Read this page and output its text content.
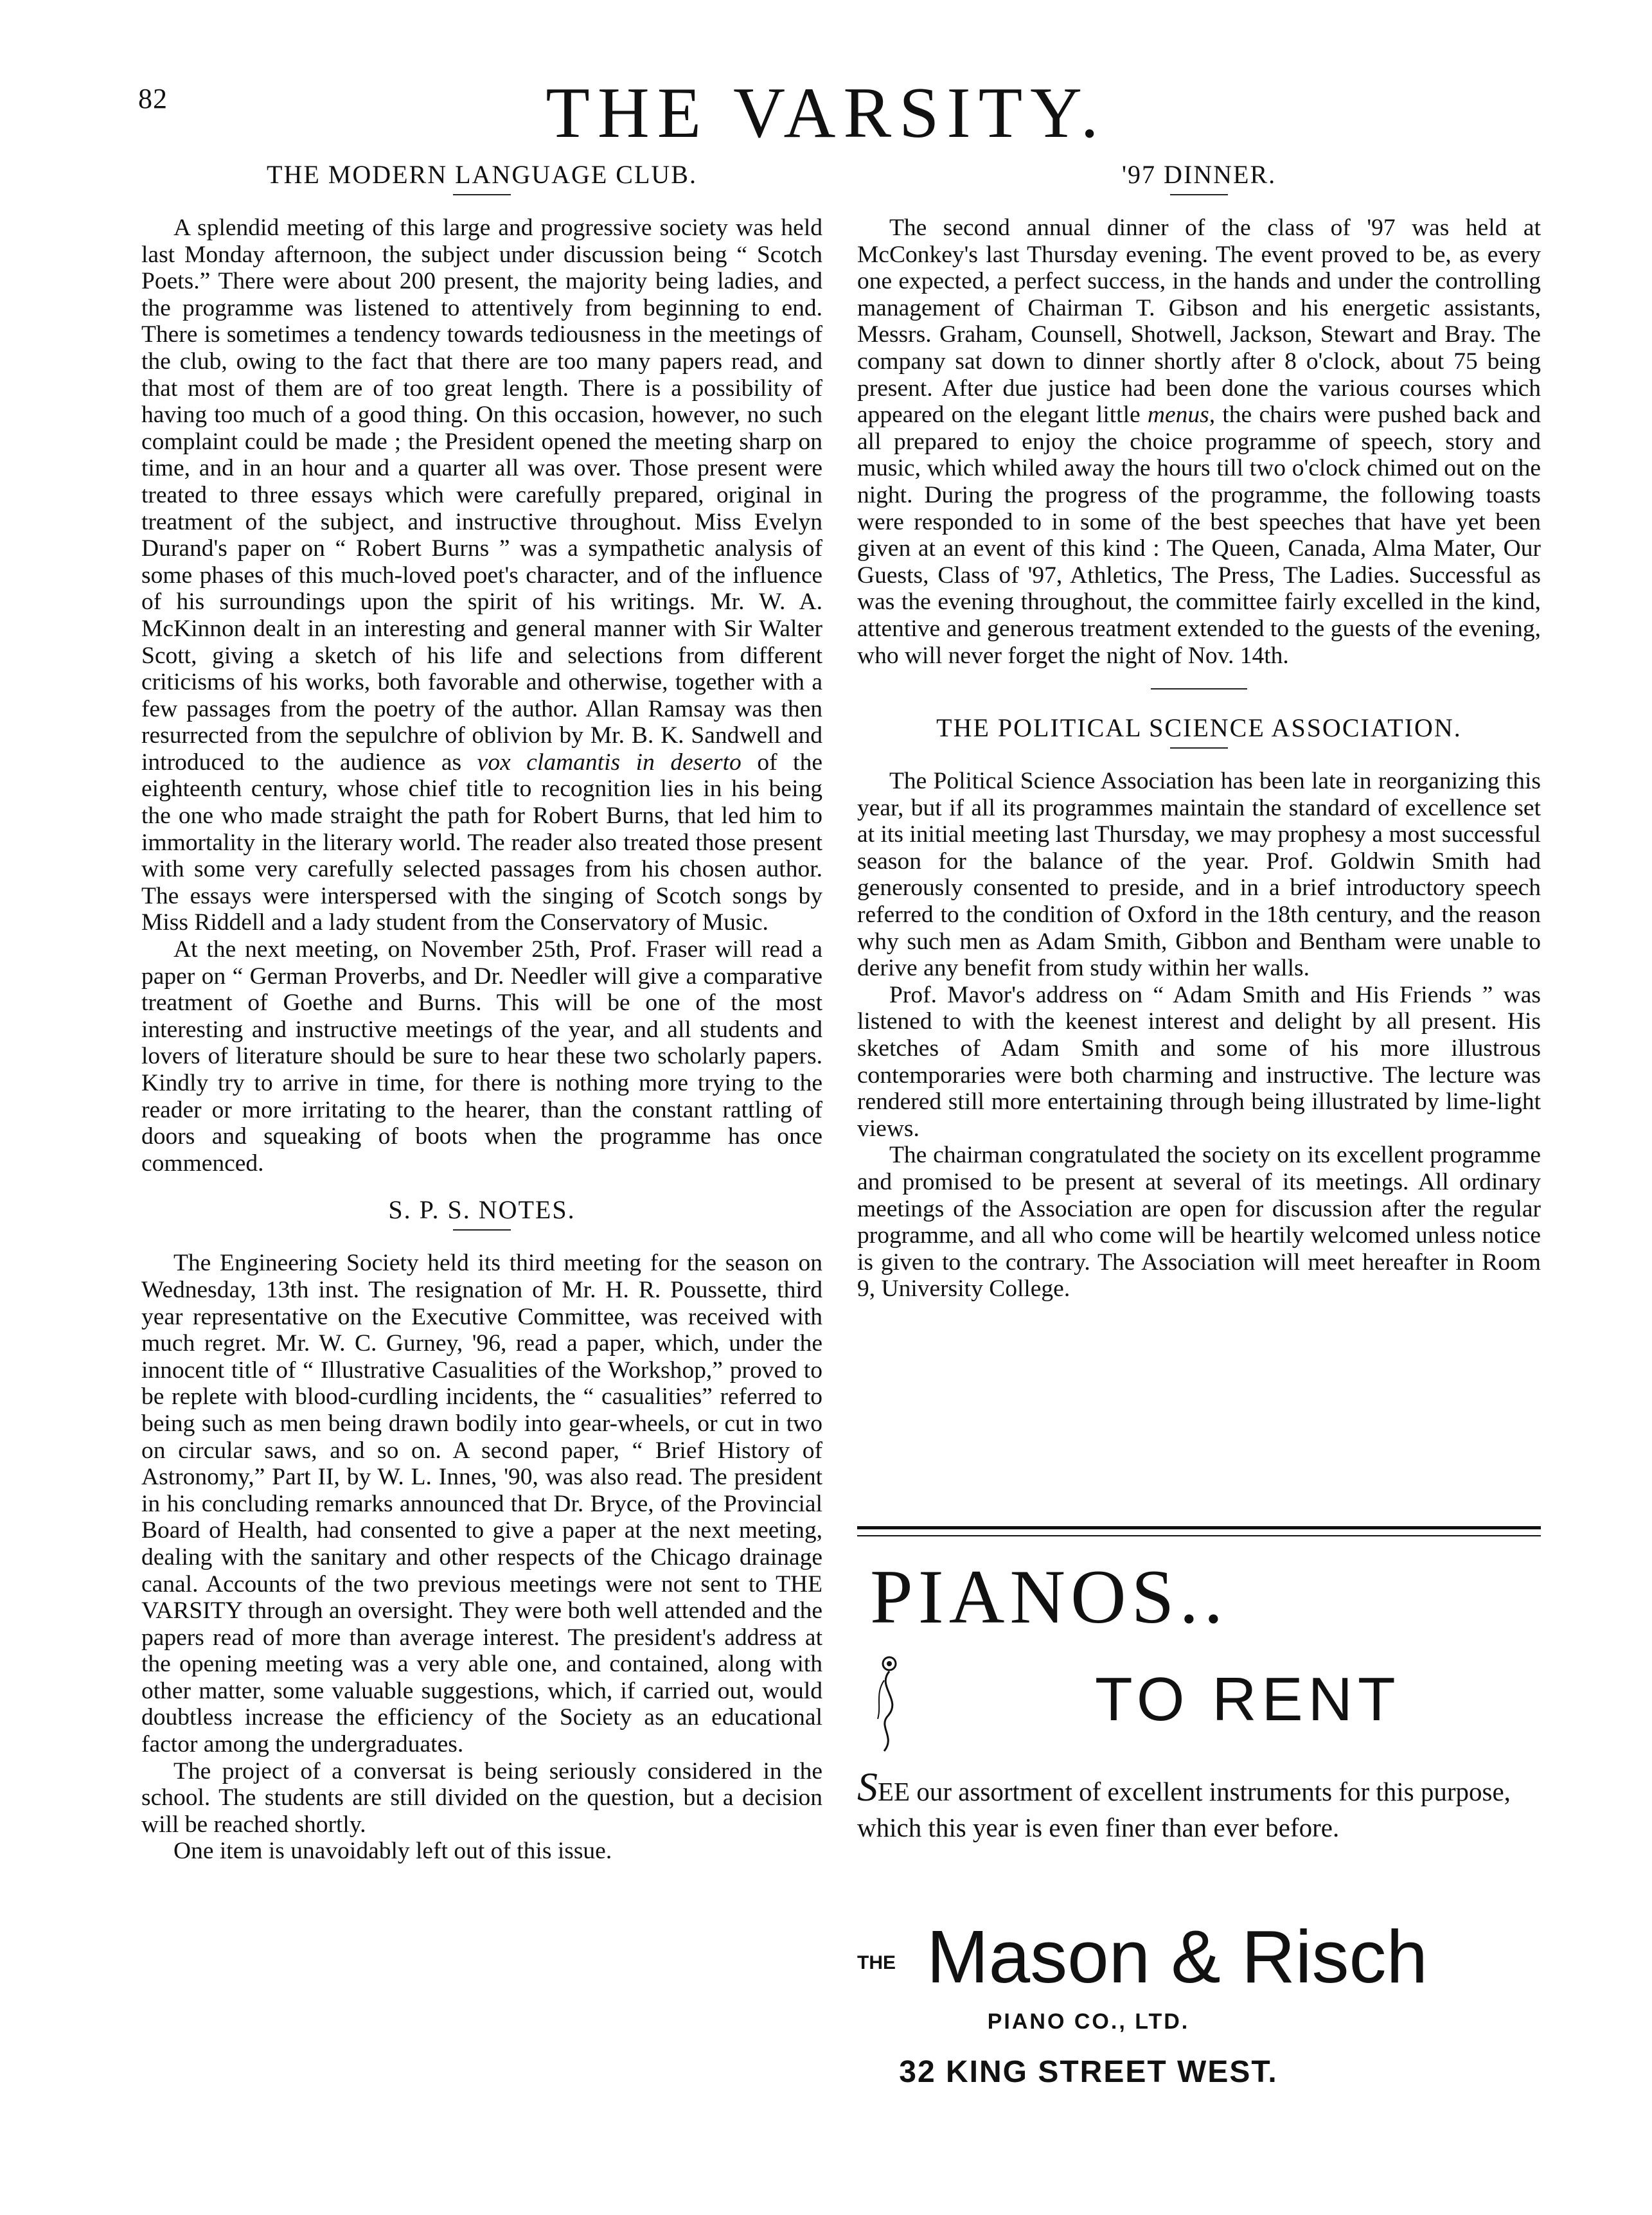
82	THE VARSITY.
THE MODERN LANGUAGE CLUB.

A splendid meeting of this large and progressive society was held last Monday afternoon, the subject under discussion being “ Scotch Poets.” There were about 200 present, the majority being ladies, and the programme was listened to attentively from beginning to end. There is sometimes a tendency towards tediousness in the meetings of the club, owing to the fact that there are too many papers read, and that most of them are of too great length. There is a possibility of having too much of a good thing. On this occasion, however, no such complaint could be made ; the President opened the meeting sharp on time, and in an hour and a quarter all was over. Those present were treated to three essays which were carefully prepared, original in treatment of the subject, and instructive throughout. Miss Evelyn Durand's paper on “ Robert Burns ” was a sympathetic analysis of some phases of this much-loved poet's character, and of the influence of his surroundings upon the spirit of his writings. Mr. W. A. McKinnon dealt in an interesting and general manner with Sir Walter Scott, giving a sketch of his life and selections from different criticisms of his works, both favorable and otherwise, together with a few passages from the poetry of the author. Allan Ramsay was then resurrected from the sepulchre of oblivion by Mr. B. K. Sandwell and introduced to the audience as vox clamantis in deserto of the eighteenth century, whose chief title to recognition lies in his being the one who made straight the path for Robert Burns, that led him to immortality in the literary world. The reader also treated those present with some very carefully selected passages from his chosen author. The essays were interspersed with the singing of Scotch songs by Miss Riddell and a lady student from the Conservatory of Music.

At the next meeting, on November 25th, Prof. Fraser will read a paper on “ German Proverbs, and Dr. Needler will give a comparative treatment of Goethe and Burns. This will be one of the most interesting and instructive meetings of the year, and all students and lovers of literature should be sure to hear these two scholarly papers. Kindly try to arrive in time, for there is nothing more trying to the reader or more irritating to the hearer, than the constant rattling of doors and squeaking of boots when the programme has once commenced.

S. P. S. NOTES.

The Engineering Society held its third meeting for the season on Wednesday, 13th inst. The resignation of Mr. H. R. Poussette, third year representative on the Executive Committee, was received with much regret. Mr. W. C. Gurney, '96, read a paper, which, under the innocent title of “ Illustrative Casualities of the Workshop,” proved to be replete with blood-curdling incidents, the “ casualities” referred to being such as men being drawn bodily into gear-wheels, or cut in two on circular saws, and so on. A second paper, “ Brief History of Astronomy,” Part II, by W. L. Innes, '90, was also read. The president in his concluding remarks announced that Dr. Bryce, of the Provincial Board of Health, had consented to give a paper at the next meeting, dealing with the sanitary and other respects of the Chicago drainage canal. Accounts of the two previous meetings were not sent to THE VARSITY through an oversight. They were both well attended and the papers read of more than average interest. The president's address at the opening meeting was a very able one, and contained, along with other matter, some valuable suggestions, which, if carried out, would doubtless increase the efficiency of the Society as an educational factor among the undergraduates.

The project of a conversat is being seriously considered in the school. The students are still divided on the question, but a decision will be reached shortly.

One item is unavoidably left out of this issue.

'97 DINNER.

The second annual dinner of the class of '97 was held at McConkey's last Thursday evening. The event proved to be, as every one expected, a perfect success, in the hands and under the controlling management of Chairman T. Gibson and his energetic assistants, Messrs. Graham, Counsell, Shotwell, Jackson, Stewart and Bray. The company sat down to dinner shortly after 8 o'clock, about 75 being present. After due justice had been done the various courses which appeared on the elegant little menus, the chairs were pushed back and all prepared to enjoy the choice programme of speech, story and music, which whiled away the hours till two o'clock chimed out on the night. During the progress of the programme, the following toasts were responded to in some of the best speeches that have yet been given at an event of this kind : The Queen, Canada, Alma Mater, Our Guests, Class of '97, Athletics, The Press, The Ladies. Successful as was the evening throughout, the committee fairly excelled in the kind, attentive and generous treatment extended to the guests of the evening, who will never forget the night of Nov. 14th.

THE POLITICAL SCIENCE ASSOCIATION.

The Political Science Association has been late in reorganizing this year, but if all its programmes maintain the standard of excellence set at its initial meeting last Thursday, we may prophesy a most successful season for the balance of the year. Prof. Goldwin Smith had generously consented to preside, and in a brief introductory speech referred to the condition of Oxford in the 18th century, and the reason why such men as Adam Smith, Gibbon and Bentham were unable to derive any benefit from study within her walls.

Prof. Mavor's address on “ Adam Smith and His Friends ” was listened to with the keenest interest and delight by all present. His sketches of Adam Smith and some of his more illustrous contemporaries were both charming and instructive. The lecture was rendered still more entertaining through being illustrated by lime-light views.

The chairman congratulated the society on its excellent programme and promised to be present at several of its meetings. All ordinary meetings of the Association are open for discussion after the regular programme, and all who come will be heartily welcomed unless notice is given to the contrary. The Association will meet hereafter in Room 9, University College.

PIANOS..
TO RENT
SEE our assortment of excellent instruments for this purpose, which this year is even finer than ever before.
THE Mason & Risch
PIANO CO., LTD.
32 KING STREET WEST.
